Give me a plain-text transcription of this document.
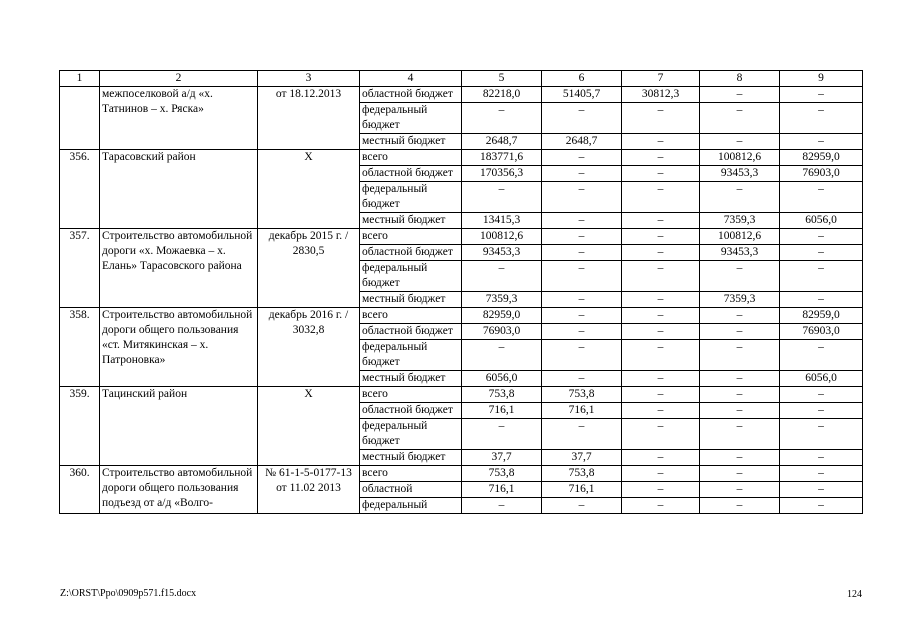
1	2	3	4	5	6	7	8	9
	межпоселковой а/д «х. Татнинов – х. Ряска»	от 18.12.2013	областной бюджет	82218,0	51405,7	30812,3	–	–
			федеральный бюджет	–	–	–	–	–
			местный бюджет	2648,7	2648,7	–	–	–
356.	Тарасовский район	Х	всего	183771,6	–	–	100812,6	82959,0
			областной бюджет	170356,3	–	–	93453,3	76903,0
			федеральный бюджет	–	–	–	–	–
			местный бюджет	13415,3	–	–	7359,3	6056,0
357.	Строительство автомобильной дороги «х. Можаевка – х. Елань» Тарасовского района	декабрь 2015 г. / 2830,5	всего	100812,6	–	–	100812,6	–
			областной бюджет	93453,3	–	–	93453,3	–
			федеральный бюджет	–	–	–	–	–
			местный бюджет	7359,3	–	–	7359,3	–
358.	Строительство автомобильной дороги общего пользования «ст. Митякинская – х. Патроновка»	декабрь 2016 г. / 3032,8	всего	82959,0	–	–	–	82959,0
			областной бюджет	76903,0	–	–	–	76903,0
			федеральный бюджет	–	–	–	–	–
			местный бюджет	6056,0	–	–	–	6056,0
359.	Тацинский район	Х	всего	753,8	753,8	–	–	–
			областной бюджет	716,1	716,1	–	–	–
			федеральный бюджет	–	–	–	–	–
			местный бюджет	37,7	37,7	–	–	–
360.	Строительство автомобильной дороги общего пользования подъезд от а/д «Волго-	№ 61-1-5-0177-13 от 11.02 2013	всего	753,8	753,8	–	–	–
			областной	716,1	716,1	–	–	–
			федеральный	–	–	–	–	–
Z:\ORST\Ppo\0909p571.f15.docx	124
